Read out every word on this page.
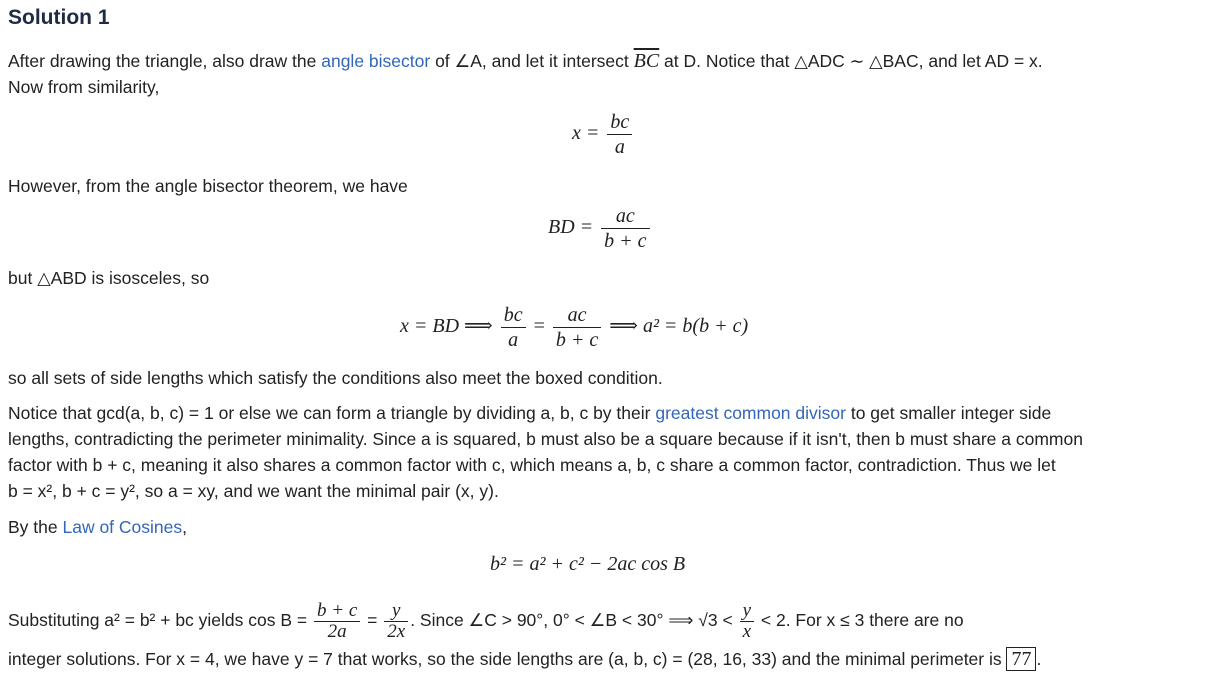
Solution 1
After drawing the triangle, also draw the angle bisector of ∠A, and let it intersect $\overline{BC}$ at D. Notice that △ADC ∼ △BAC, and let AD = x.
Now from similarity,
$x = \frac{bc}{a}$
However, from the angle bisector theorem, we have
BD = $\frac{ac}{b + c}$
but △ABD is isosceles, so
x = BD ⟹ $\frac{bc}{a} = \frac{ac}{b + c}$ ⟹ a² = b(b + c)
so all sets of side lengths which satisfy the conditions also meet the boxed condition.
Notice that gcd(a, b, c) = 1 or else we can form a triangle by dividing a, b, c by their greatest common divisor to get smaller integer side
lengths, contradicting the perimeter minimality. Since a is squared, b must also be a square because if it isn't, then b must share a common
factor with b + c, meaning it also shares a common factor with c, which means a, b, c share a common factor, contradiction. Thus we let
b = x², b + c = y², so a = xy, and we want the minimal pair (x, y).
By the Law of Cosines,
b² = a² + c² − 2ac cos B
Substituting a² = b² + bc yields $\cos B = \frac{b + c}{2a} = \frac{y}{2x}$ . Since ∠C > 90°, 0° < ∠B < 30° ⟹ $√3 < \frac{y}{x} < 2$. For x ≤ 3 there are no
integer solutions. For x = 4, we have y = 7 that works, so the side lengths are (a, b, c) = (28, 16, 33) and the minimal perimeter is 77 .
